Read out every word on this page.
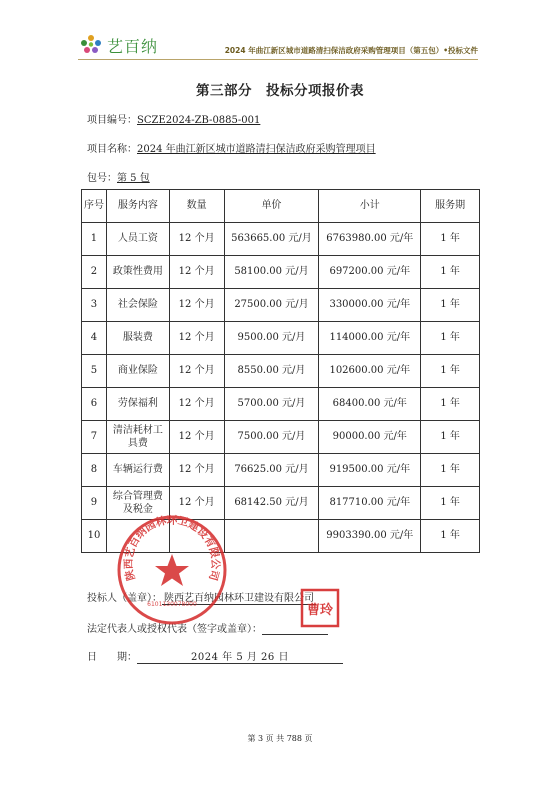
艺百纳	2024 年曲江新区城市道路清扫保洁政府采购管理项目（第五包）•投标文件
第三部分　投标分项报价表
项目编号：SCZE2024-ZB-0885-001
项目名称：2024 年曲江新区城市道路清扫保洁政府采购管理项目
包号：第 5 包
序号	服务内容	数量	单价	小计	服务期
1	人员工资	12 个月	563665.00 元/月	6763980.00 元/年	1 年
2	政策性费用	12 个月	58100.00 元/月	697200.00 元/年	1 年
3	社会保险	12 个月	27500.00 元/月	330000.00 元/年	1 年
4	服装费	12 个月	9500.00 元/月	114000.00 元/年	1 年
5	商业保险	12 个月	8550.00 元/月	102600.00 元/年	1 年
6	劳保福利	12 个月	5700.00 元/月	68400.00 元/年	1 年
7	清洁耗材工具费	12 个月	7500.00 元/月	90000.00 元/年	1 年
8	车辆运行费	12 个月	76625.00 元/月	919500.00 元/年	1 年
9	综合管理费及税金	12 个月	68142.50 元/月	817710.00 元/年	1 年
10				9903390.00 元/年	1 年
投标人（盖章）： 陕西艺百纳园林环卫建设有限公司
法定代表人或授权代表（签字或盖章）：
日　　期：	2024 年 5 月 26 日
陕西艺百纳园林环卫建设有限公司
6101130078000	曹玲
第 3 页 共 788 页
